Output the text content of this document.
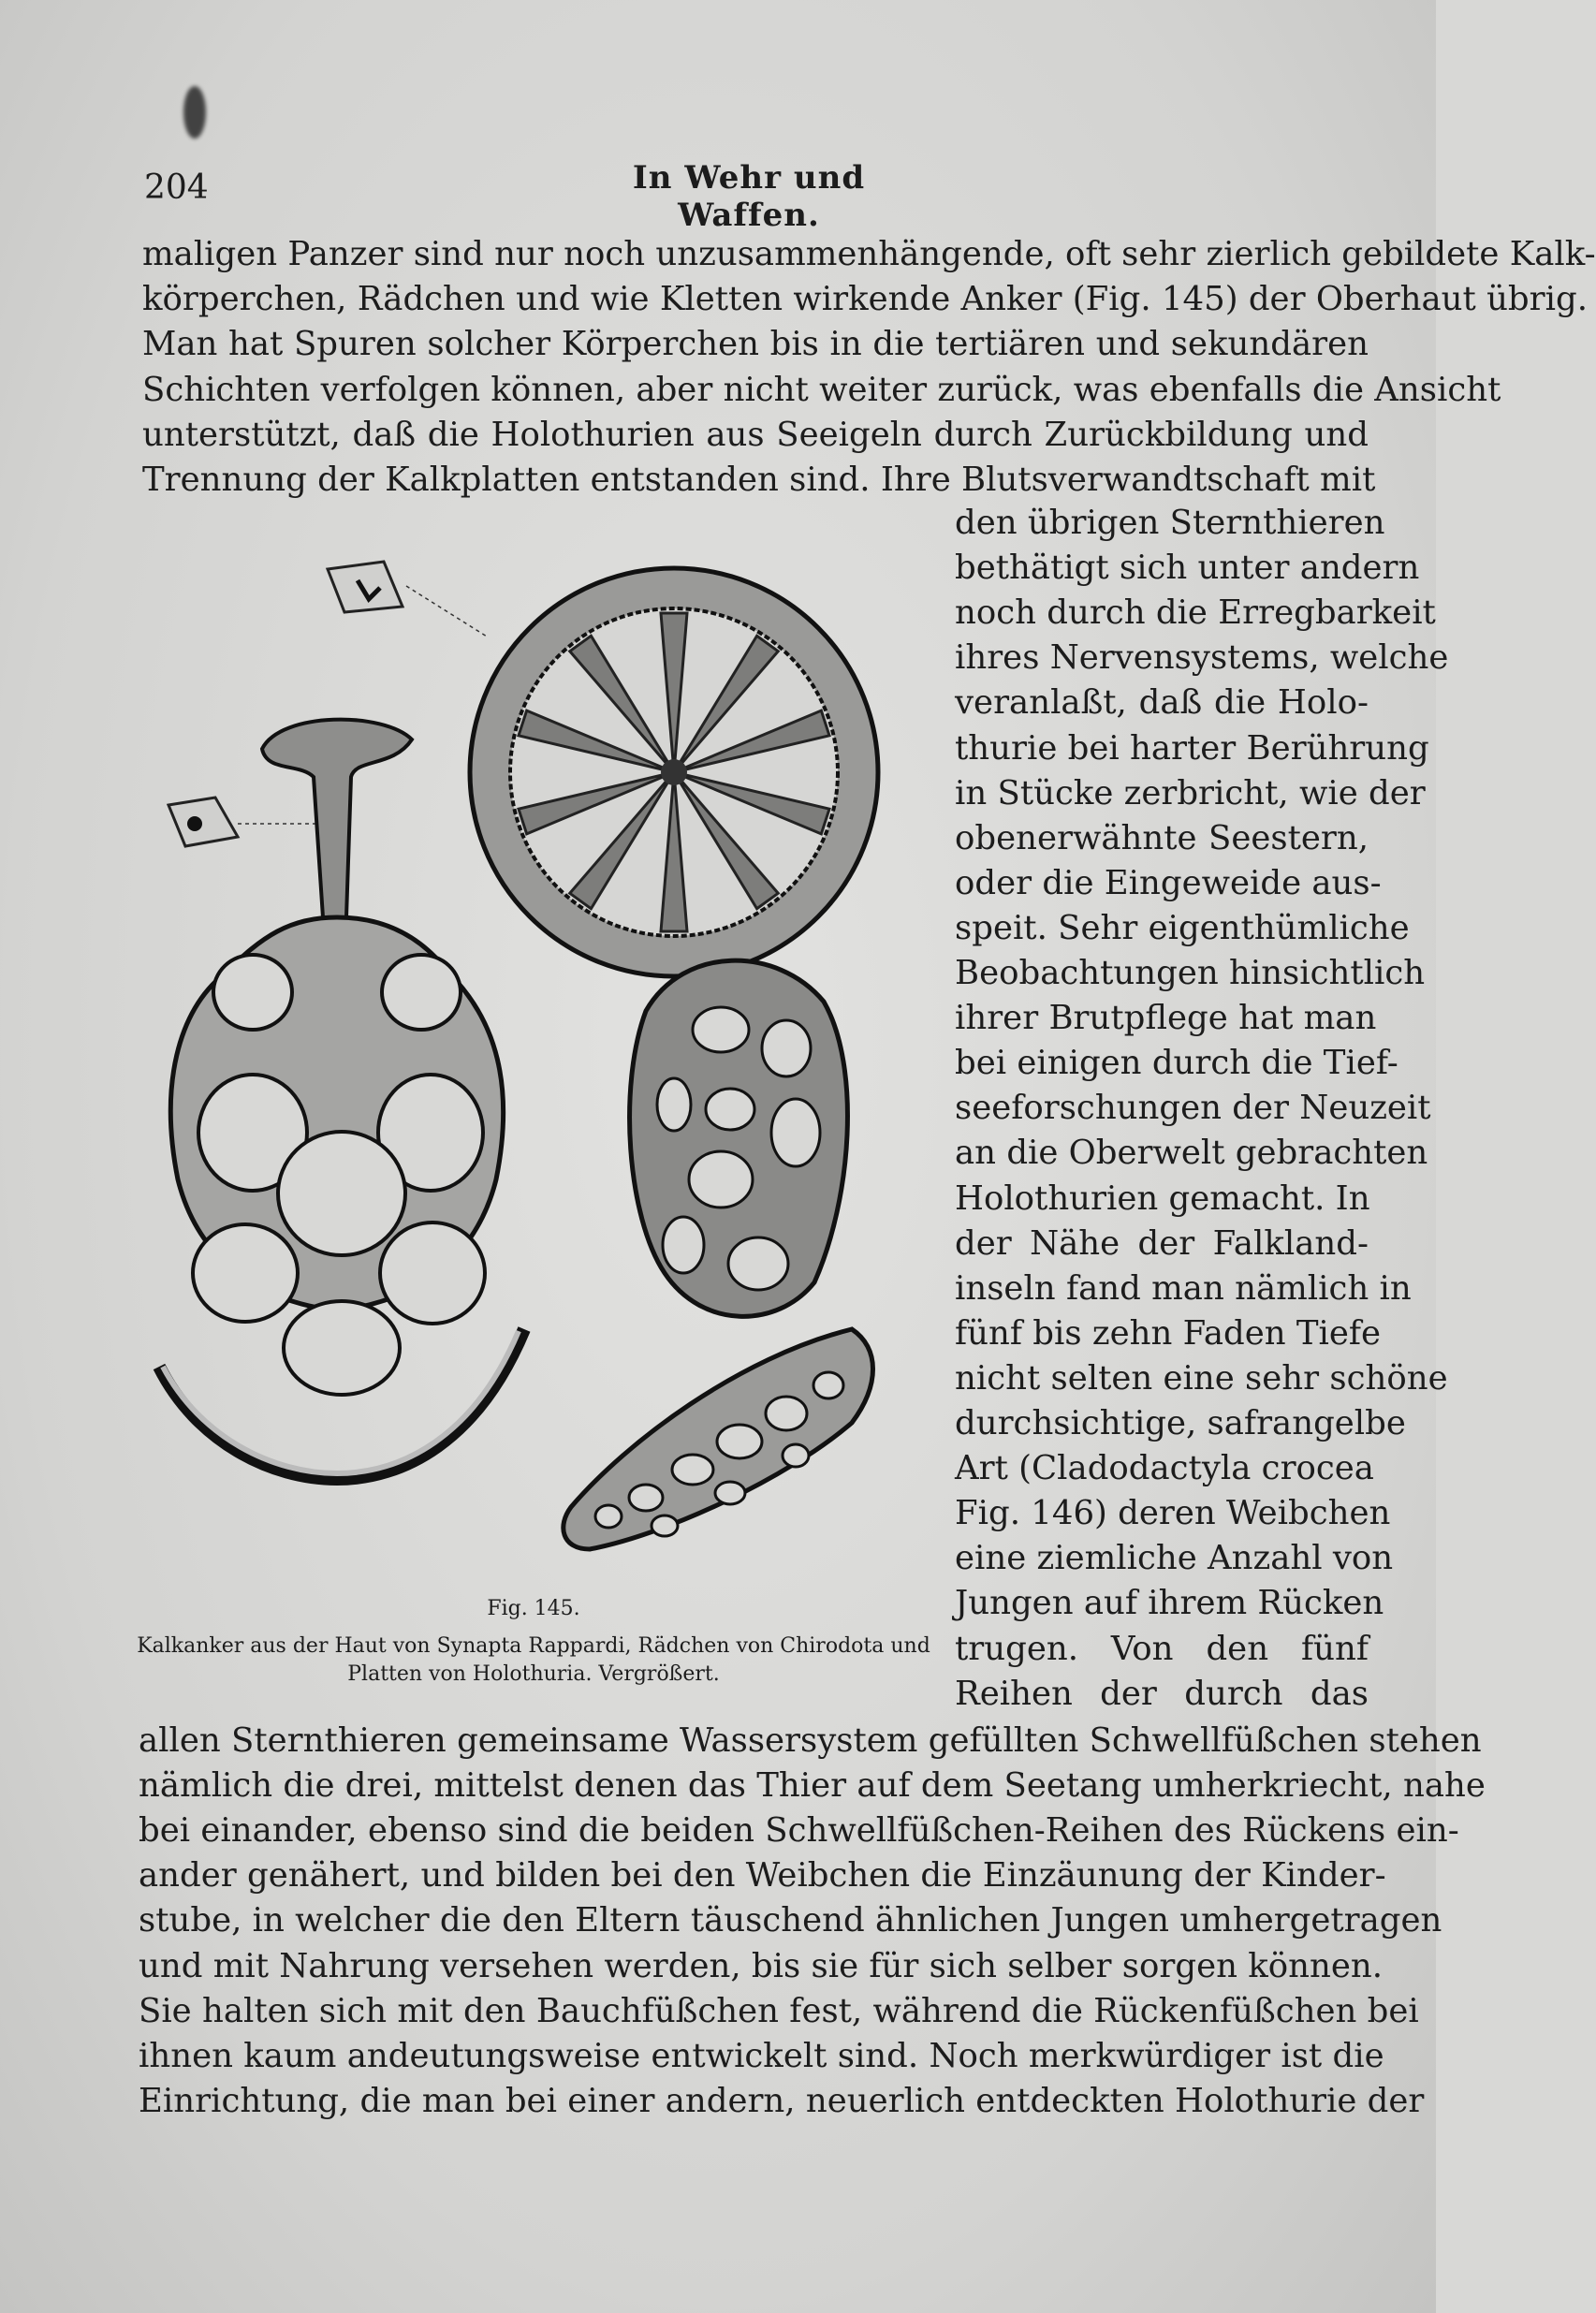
204	In Wehr und Waffen.
maligen Panzer sind nur noch unzusammenhängende, oft sehr zierlich gebildete Kalk-
körperchen, Rädchen und wie Kletten wirkende Anker (Fig. 145) der Oberhaut übrig.
Man hat Spuren solcher Körperchen bis in die tertiären und sekundären
Schichten verfolgen können, aber nicht weiter zurück, was ebenfalls die Ansicht
unterstützt, daß die Holothurien aus Seeigeln durch Zurückbildung und
Trennung der Kalkplatten entstanden sind. Ihre Blutsverwandtschaft mit
den übrigen Sternthieren
bethätigt sich unter andern
noch durch die Erregbarkeit
ihres Nervensystems, welche
veranlaßt, daß die Holo-
thurie bei harter Berührung
in Stücke zerbricht, wie der
obenerwähnte Seestern,
oder die Eingeweide aus-
speit. Sehr eigenthümliche
Beobachtungen hinsichtlich
ihrer Brutpflege hat man
bei einigen durch die Tief-
seeforschungen der Neuzeit
an die Oberwelt gebrachten
Holothurien gemacht. In
der Nähe der Falkland-
inseln fand man nämlich in
fünf bis zehn Faden Tiefe
nicht selten eine sehr schöne
durchsichtige, safrangelbe
Art (Cladodactyla crocea
Fig. 146) deren Weibchen
eine ziemliche Anzahl von
Jungen auf ihrem Rücken
trugen. Von den fünf
Reihen der durch das
allen Sternthieren gemeinsame Wassersystem gefüllten Schwellfüßchen stehen
nämlich die drei, mittelst denen das Thier auf dem Seetang umherkriecht, nahe
bei einander, ebenso sind die beiden Schwellfüßchen-Reihen des Rückens ein-
ander genähert, und bilden bei den Weibchen die Einzäunung der Kinder-
stube, in welcher die den Eltern täuschend ähnlichen Jungen umhergetragen
und mit Nahrung versehen werden, bis sie für sich selber sorgen können.
Sie halten sich mit den Bauchfüßchen fest, während die Rückenfüßchen bei
ihnen kaum andeutungsweise entwickelt sind. Noch merkwürdiger ist die
Einrichtung, die man bei einer andern, neuerlich entdeckten Holothurie der
Fig. 145.
Kalkanker aus der Haut von Synapta Rappardi, Rädchen von Chirodota und Platten von Holothuria. Vergrößert.
